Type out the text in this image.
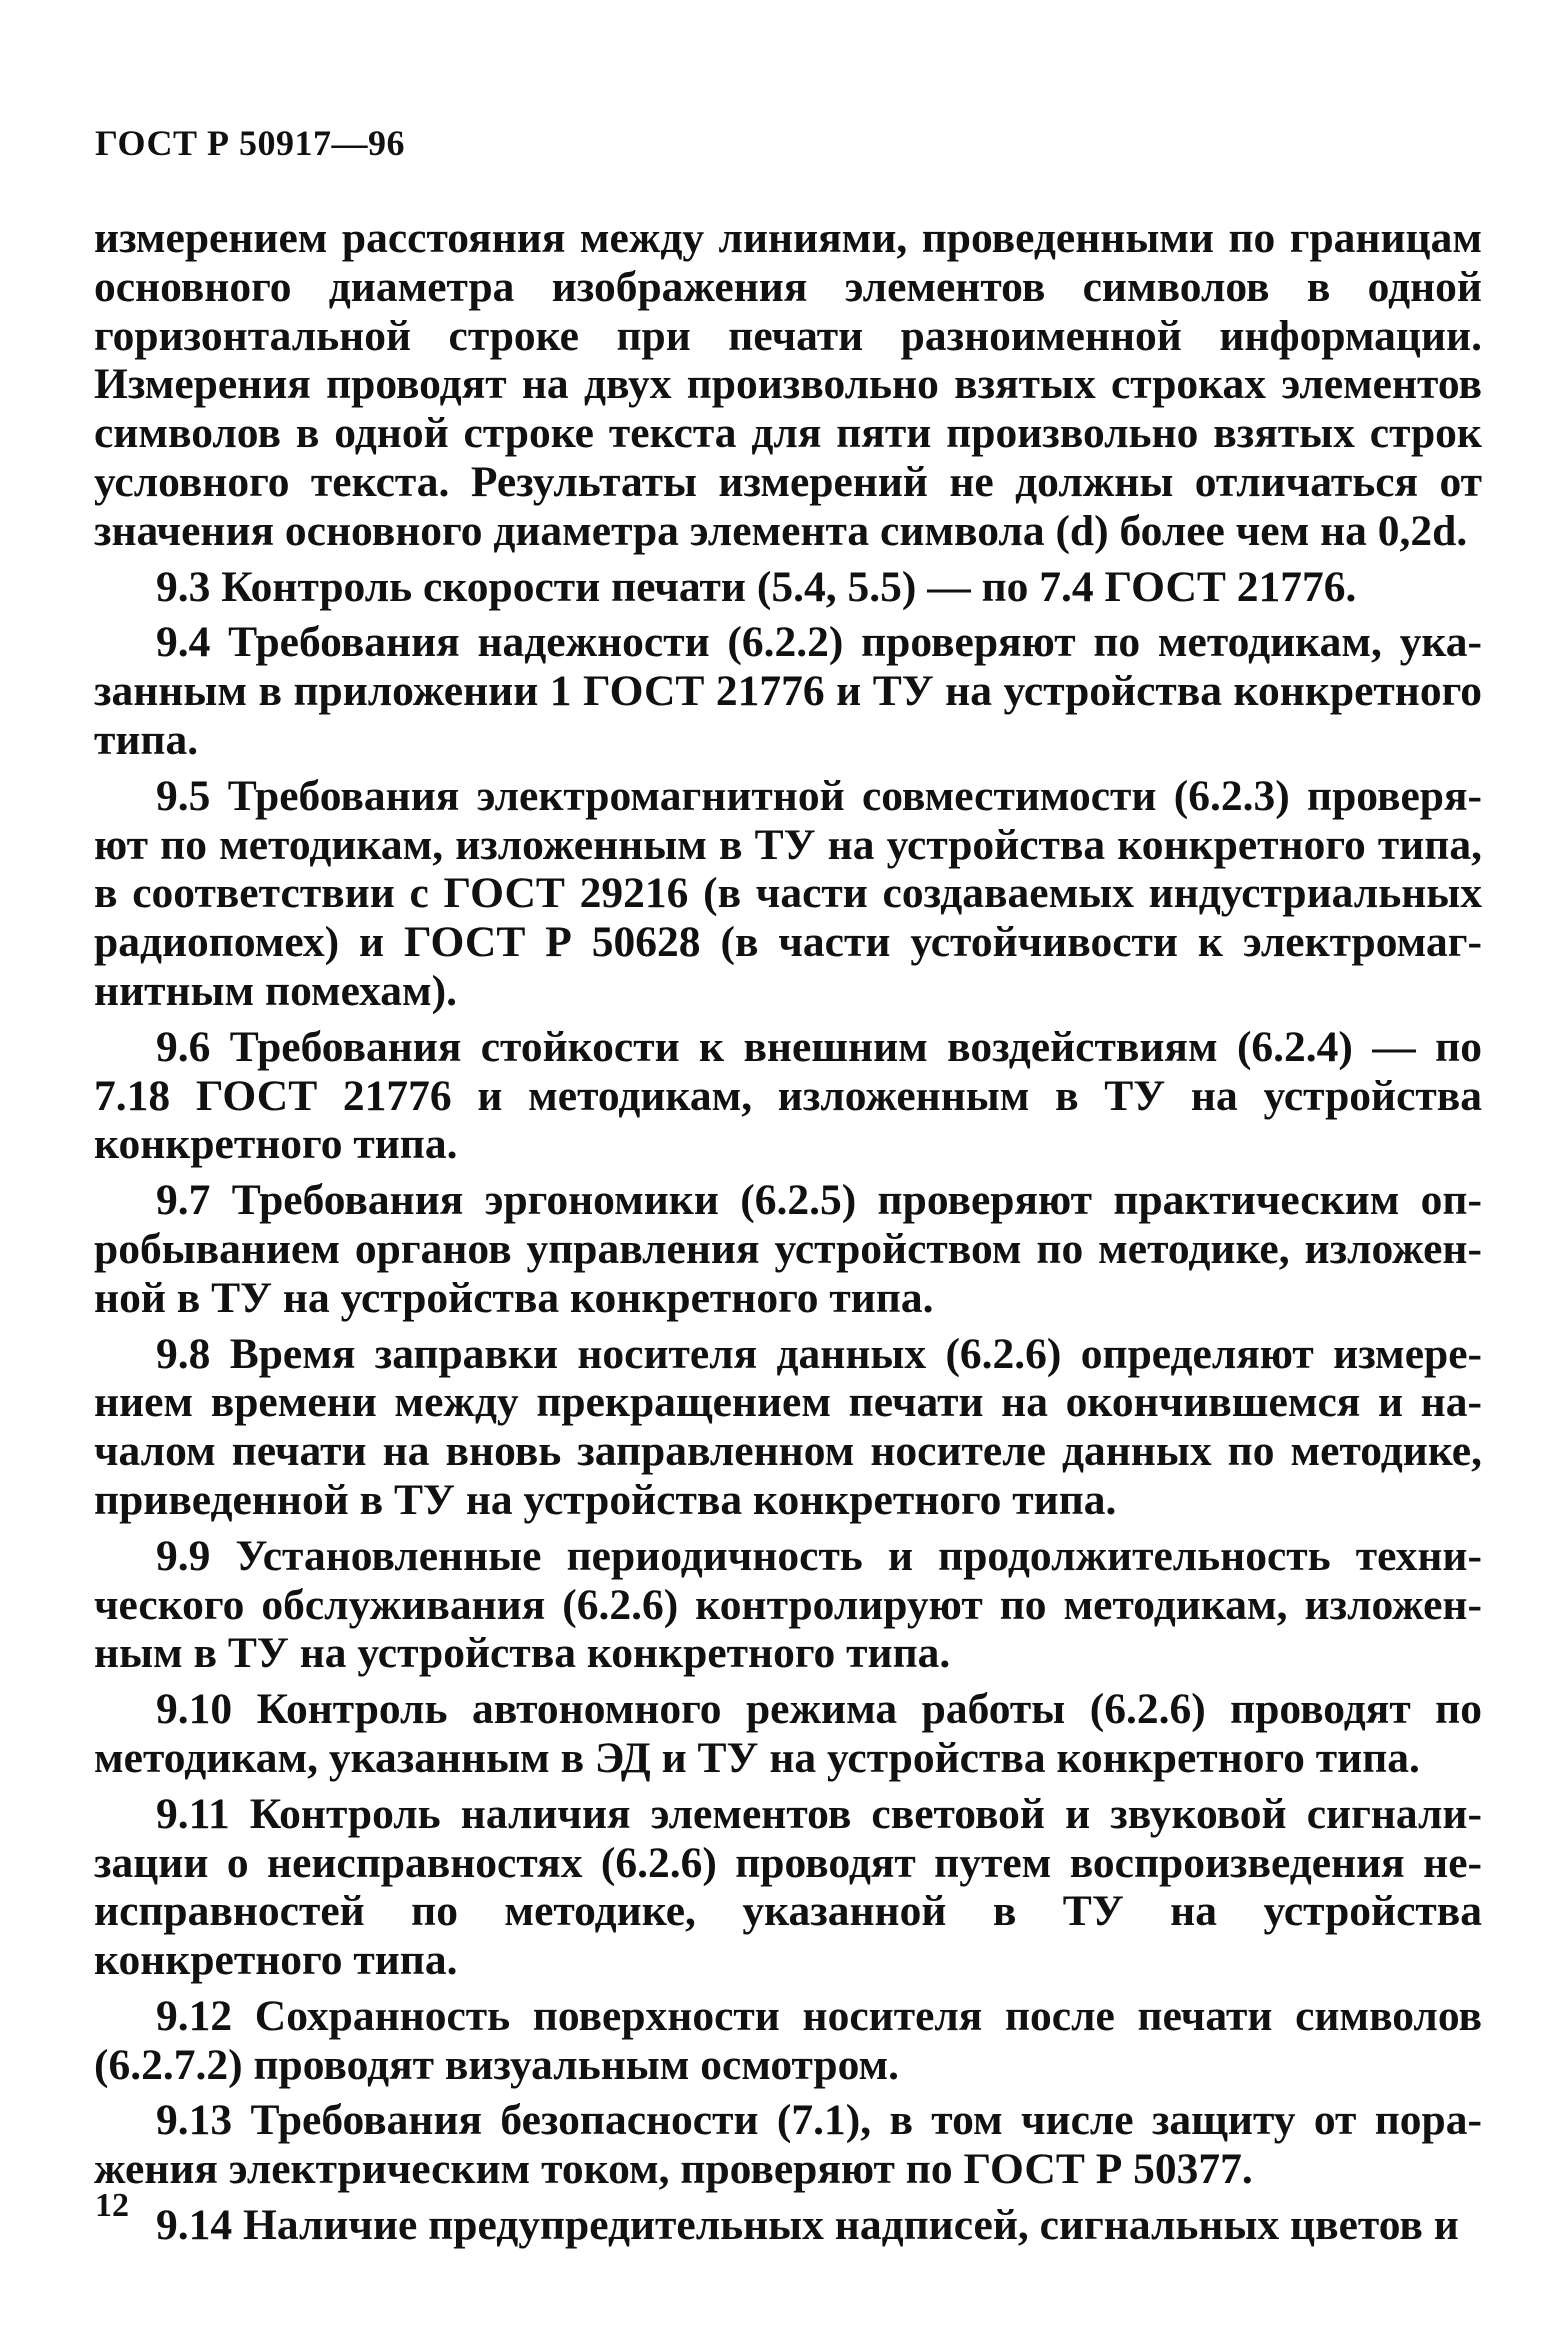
ГОСТ Р 50917—96

измерением расстояния между линиями, проведенными по границам основного диаметра изображения элементов символов в одной горизонтальной строке при печати разноименной информации. Измерения проводят на двух произвольно взятых строках элементов символов в одной строке текста для пяти произвольно взятых строк условного текста. Результаты измерений не должны отличаться от значения основного диаметра элемента символа (d) более чем на 0,2d.

9.3 Контроль скорости печати (5.4, 5.5) — по 7.4 ГОСТ 21776.

9.4 Требования надежности (6.2.2) проверяют по методикам, указанным в приложении 1 ГОСТ 21776 и ТУ на устройства конкретного типа.

9.5 Требования электромагнитной совместимости (6.2.3) проверяют по методикам, изложенным в ТУ на устройства конкретного типа, в соответствии с ГОСТ 29216 (в части создаваемых индустриальных радиопомех) и ГОСТ Р 50628 (в части устойчивости к электромагнитным помехам).

9.6 Требования стойкости к внешним воздействиям (6.2.4) — по 7.18 ГОСТ 21776 и методикам, изложенным в ТУ на устройства конкретного типа.

9.7 Требования эргономики (6.2.5) проверяют практическим опробыванием органов управления устройством по методике, изложенной в ТУ на устройства конкретного типа.

9.8 Время заправки носителя данных (6.2.6) определяют измерением времени между прекращением печати на окончившемся и началом печати на вновь заправленном носителе данных по методике, приведенной в ТУ на устройства конкретного типа.

9.9 Установленные периодичность и продолжительность технического обслуживания (6.2.6) контролируют по методикам, изложенным в ТУ на устройства конкретного типа.

9.10 Контроль автономного режима работы (6.2.6) проводят по методикам, указанным в ЭД и ТУ на устройства конкретного типа.

9.11 Контроль наличия элементов световой и звуковой сигнализации о неисправностях (6.2.6) проводят путем воспроизведения неисправностей по методике, указанной в ТУ на устройства конкретного типа.

9.12 Сохранность поверхности носителя после печати символов (6.2.7.2) проводят визуальным осмотром.

9.13 Требования безопасности (7.1), в том числе защиту от поражения электрическим током, проверяют по ГОСТ Р 50377.

9.14 Наличие предупредительных надписей, сигнальных цветов и

12
